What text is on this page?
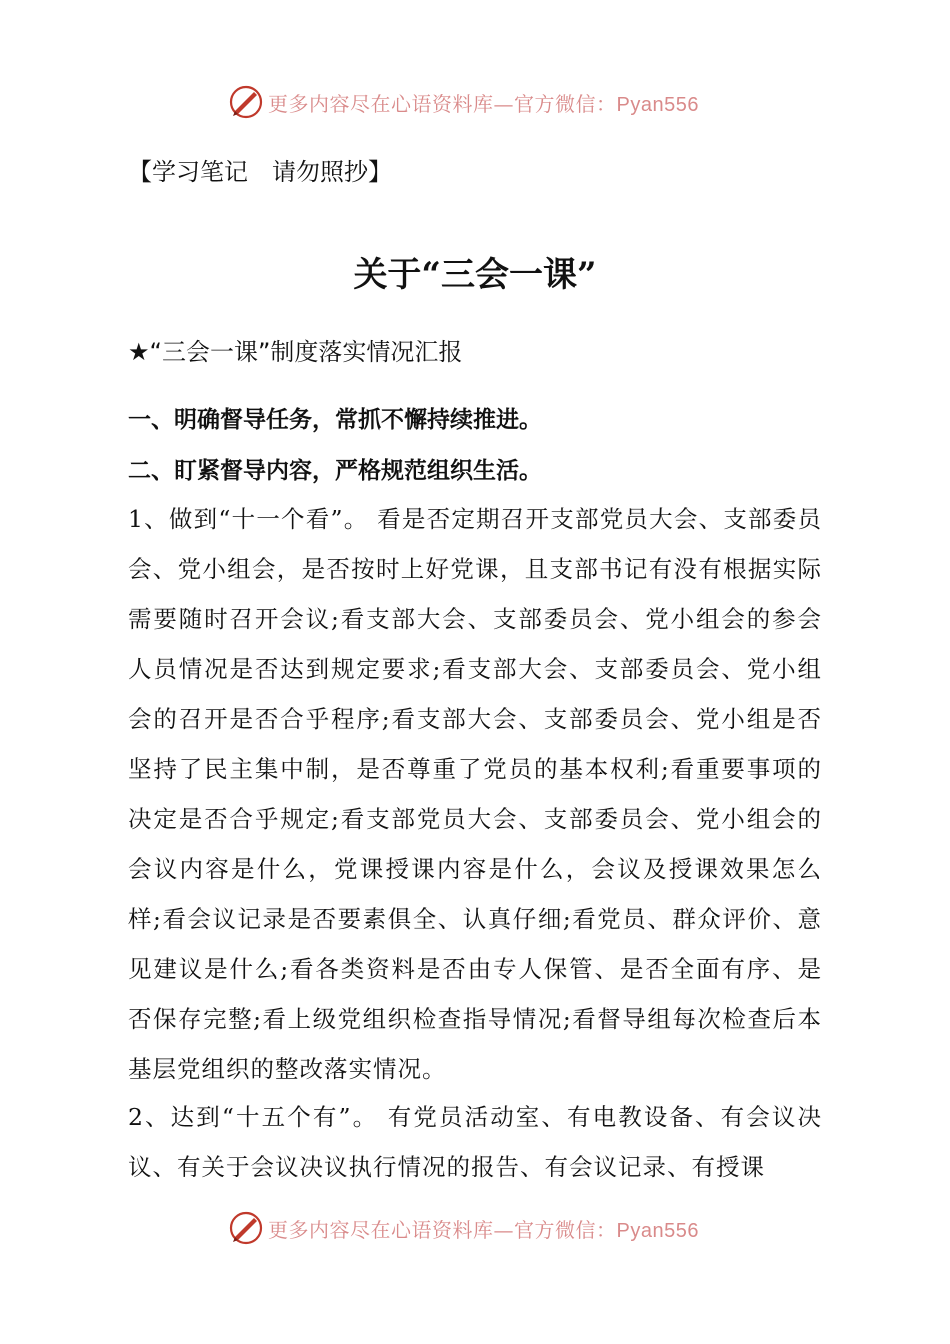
更多内容尽在心语资料库—官方微信：Pyan556
【学习笔记　请勿照抄】
关于“三会一课”
★“三会一课”制度落实情况汇报
一、明确督导任务，常抓不懈持续推进。
二、盯紧督导内容，严格规范组织生活。
1、做到“十一个看”。 看是否定期召开支部党员大会、支部委员会、党小组会，是否按时上好党课，且支部书记有没有根据实际需要随时召开会议;看支部大会、支部委员会、党小组会的参会人员情况是否达到规定要求;看支部大会、支部委员会、党小组会的召开是否合乎程序;看支部大会、支部委员会、党小组是否坚持了民主集中制，是否尊重了党员的基本权利;看重要事项的决定是否合乎规定;看支部党员大会、支部委员会、党小组会的会议内容是什么，党课授课内容是什么，会议及授课效果怎么样;看会议记录是否要素俱全、认真仔细;看党员、群众评价、意见建议是什么;看各类资料是否由专人保管、是否全面有序、是否保存完整;看上级党组织检查指导情况;看督导组每次检查后本基层党组织的整改落实情况。
2、达到“十五个有”。 有党员活动室、有电教设备、有会议决议、有关于会议决议执行情况的报告、有会议记录、有授课
更多内容尽在心语资料库—官方微信：Pyan556
